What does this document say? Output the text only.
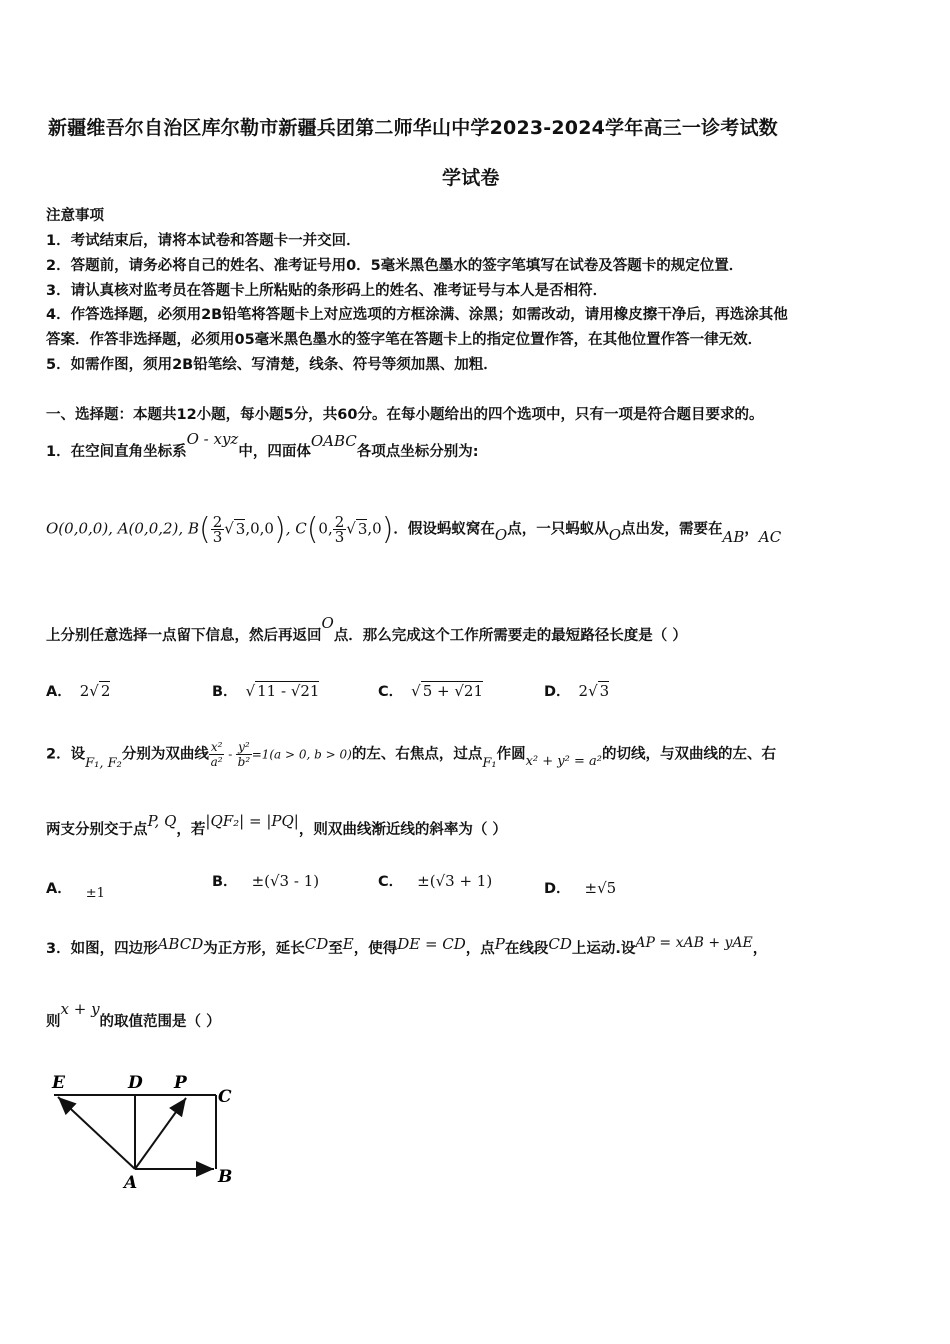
新疆维吾尔自治区库尔勒市新疆兵团第二师华山中学2023-2024学年高三一诊考试数
学试卷
注意事项
1．考试结束后，请将本试卷和答题卡一并交回．
2．答题前，请务必将自己的姓名、准考证号用0．5毫米黑色墨水的签字笔填写在试卷及答题卡的规定位置．
3．请认真核对监考员在答题卡上所粘贴的条形码上的姓名、准考证号与本人是否相符．
4．作答选择题，必须用2B铅笔将答题卡上对应选项的方框涂满、涂黑；如需改动，请用橡皮擦干净后，再选涂其他
答案．作答非选择题，必须用05毫米黑色墨水的签字笔在答题卡上的指定位置作答，在其他位置作答一律无效．
5．如需作图，须用2B铅笔绘、写清楚，线条、符号等须加黑、加粗．
一、选择题：本题共12小题，每小题5分，共60分。在每小题给出的四个选项中，只有一项是符合题目要求的。
1．在空间直角坐标系O - xyz中，四面体OABC各项点坐标分别为:
O(0,0,0), A(0,0,2), $B( \frac{2}{3}$ √ 3,0,0), C(0, $\frac{2}{3}$ √ 3,0)．假设蚂蚁窝在O点，一只蚂蚁从O点出发，需要在AB，AC
上分别任意选择一点留下信息，然后再返回O点．那么完成这个工作所需要走的最短路径长度是（ ）
A． 2√ 2	B． √ 11 - √21	C． √ 5 + √21	D． 2√ 3
2．设F₁, F₂分别为双曲线 $\frac{\text{x²}}{\text{a²}} - \frac{\text{y²}}{\text{b²}} =1(a > 0$, b > 0)的左、右焦点，过点F₁作圆x² + y² = a²的切线，与双曲线的左、右
两支分别交于点P, Q，若|QF₂| = |PQ|，则双曲线渐近线的斜率为（ ）
A． $_{\pm 1}$
B． ±(√3 - 1)	C． ±(√3 + 1)	D． ±√5
3．如图，四边形ABCD为正方形，延长CD至E，使得DE = CD，点P在线段CD上运动.设AP = xAB + yAE，
则x + y的取值范围是（ ）
E	D P
C
A	B
